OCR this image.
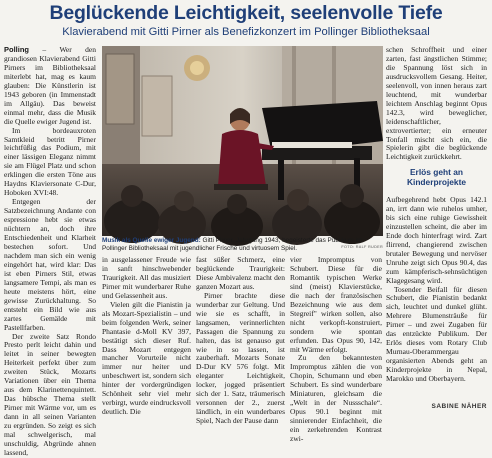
Beglückende Leichtigkeit, seelenvolle Tiefe
Klavierabend mit Gitti Pirner als Benefizkonzert im Pollinger Bibliotheksaal

Polling – Wer den grandiosen Klavierabend Gitti Pirners im Bibliotheksaal miterlebt hat, mag es kaum glauben: Die Künstlerin ist 1943 geboren (in Immenstadt im Allgäu). Das beweist einmal mehr, dass die Musik die Quelle ewiger Jugend ist.

Im bordeauxroten Samtkleid betritt Pirner leichtfüßig das Podium, mit einer lässigen Eleganz nimmt sie am Flügel Platz und schon erklingen die ersten Töne aus Haydns Klaviersonate C-Dur, Hoboken XVI:48.

Entgegen der Satzbezeichnung Andante con espressione hebt sie etwas nüchtern an, doch ihre Entschiedenheit und Klarheit bestechen sofort. Und nachdem man sich ein wenig eingehört hat, wird klar: Das ist eben Pirners Stil, etwas langsamere Tempi, als man es heute meistens hört, eine gewisse Zurückhaltung. So entsteht ein Bild wie aus zartes Gemälde mit Pastellfarben.

Der zweite Satz Rondo Presto perlt leicht dahin und leitet in seiner bewegten Heiterkeit perfekt über zum zweiten Stück, Mozarts Variationen über ein Thema aus dem Klarinettenquintett. Das hübsche Thema stellt Pirner mit Wärme vor, um es dann in all seinen Varianten zu ergründen. So zeigt es sich mal schwelgerisch, mal unschuldig, Abgründe ahnen lassend,

Musik als Quelle ewiger Jugend: Gitti Pirner, Jahrgang 1943, begeisterte das Publikum im Pollinger Bibliotheksaal mit jugendlicher Frische und virtuosem Spiel.	FOTO: RALF RUDER

in ausgelassener Freude wie in sanft hinschwebender Traurigkeit. All das musiziert Pirner mit wunderbarer Ruhe und Gelassenheit aus.

Vielen gilt die Pianistin ja als Mozart-Spezialistin – und beim folgenden Werk, seiner Phantasie d-Moll KV 397, bestätigt sich dieser Ruf. Dass Mozart entgegen mancher Vorurteile nicht immer nur heiter und unbeschwert ist, sondern sich hinter der vordergründigen Schönheit sehr viel mehr verbirgt, wurde eindrucksvoll deutlich. Die

fast süßer Schmerz, eine beglückende Traurigkeit: Diese Ambivalenz macht den ganzen Mozart aus.

Pirner brachte diese wunderbar zur Geltung. Und wie sie es schafft, in langsamen, verinnerlichten Passagen die Spannung zu halten, das ist genauso gut wie in so lassen, ist zauberhaft. Mozarts Sonate D-Dur KV 576 folgt. Mit eleganter Leichtigkeit, locker, jogged präsentiert sich der 1. Satz, träumerisch versonnen der 2., zuerst ländlich, in ein wunderbares Spiel, Nach der Pause dann

vier Impromptus von Schubert. Diese für die Romantik typischen Werke sind (meist) Klavierstücke, die nach der französischen Bezeichnung wie aus dem Stegreif" wirken sollen, also nicht verkopft-konstruiert, sondern wie spontan erfunden. Das Opus 90, 142, mit Wärme erfolgt.

Zu den bekanntesten Impromptus zählen die von Chopin, Schumann und eben Schubert. Es sind wunderbare Miniaturen, gleichsam die „Welt in der Nussschale“. Opus 90.1 beginnt mit sinnierender Einfachheit, die ein zerkehrenden Kontrast zwi-

schen Schroffheit und einer zarten, fast ängstlichen Stimme; die Spannung löst sich in ausdrucksvollem Gesang. Heiter, seelenvoll, von innen heraus zart leuchtend, mit wunderbar leichtem Anschlag beginnt Opus 142.3, wird beweglicher, leidenschaftlicher, extrovertierter; ein erneuter Tonfall mischt sich ein, die Spielerin gibt die beglückende Leichtigkeit zurückkehrt.

Erlös geht an Kinderprojekte

Aufbegehrend hebt Opus 142.1 an, irrt dann wie ruhelos umher, bis sich eine ruhige Gewissheit einzustellen scheint, die aber im Ende doch hinterfragt wird. Zart flirrend, changierend zwischen brutaler Bewegung und nervöser Unruhe zeigt sich Opus 90.4, das zum kämpferisch-sehnsüchtigen Klagegesang wird.

Tosender Beifall für diesen Schubert, die Pianistin bedankt sich, leuchtet und dunkel glüht. Mehrere Blumensträuße für Pirner – und zwei Zugaben für das entzückte Publikum. Der Erlös dieses vom Rotary Club Murnau-Oberammergau organisierten Abends geht an Kinderprojekte in Nepal, Marokko und Oberbayern.

SABINE NÄHER
